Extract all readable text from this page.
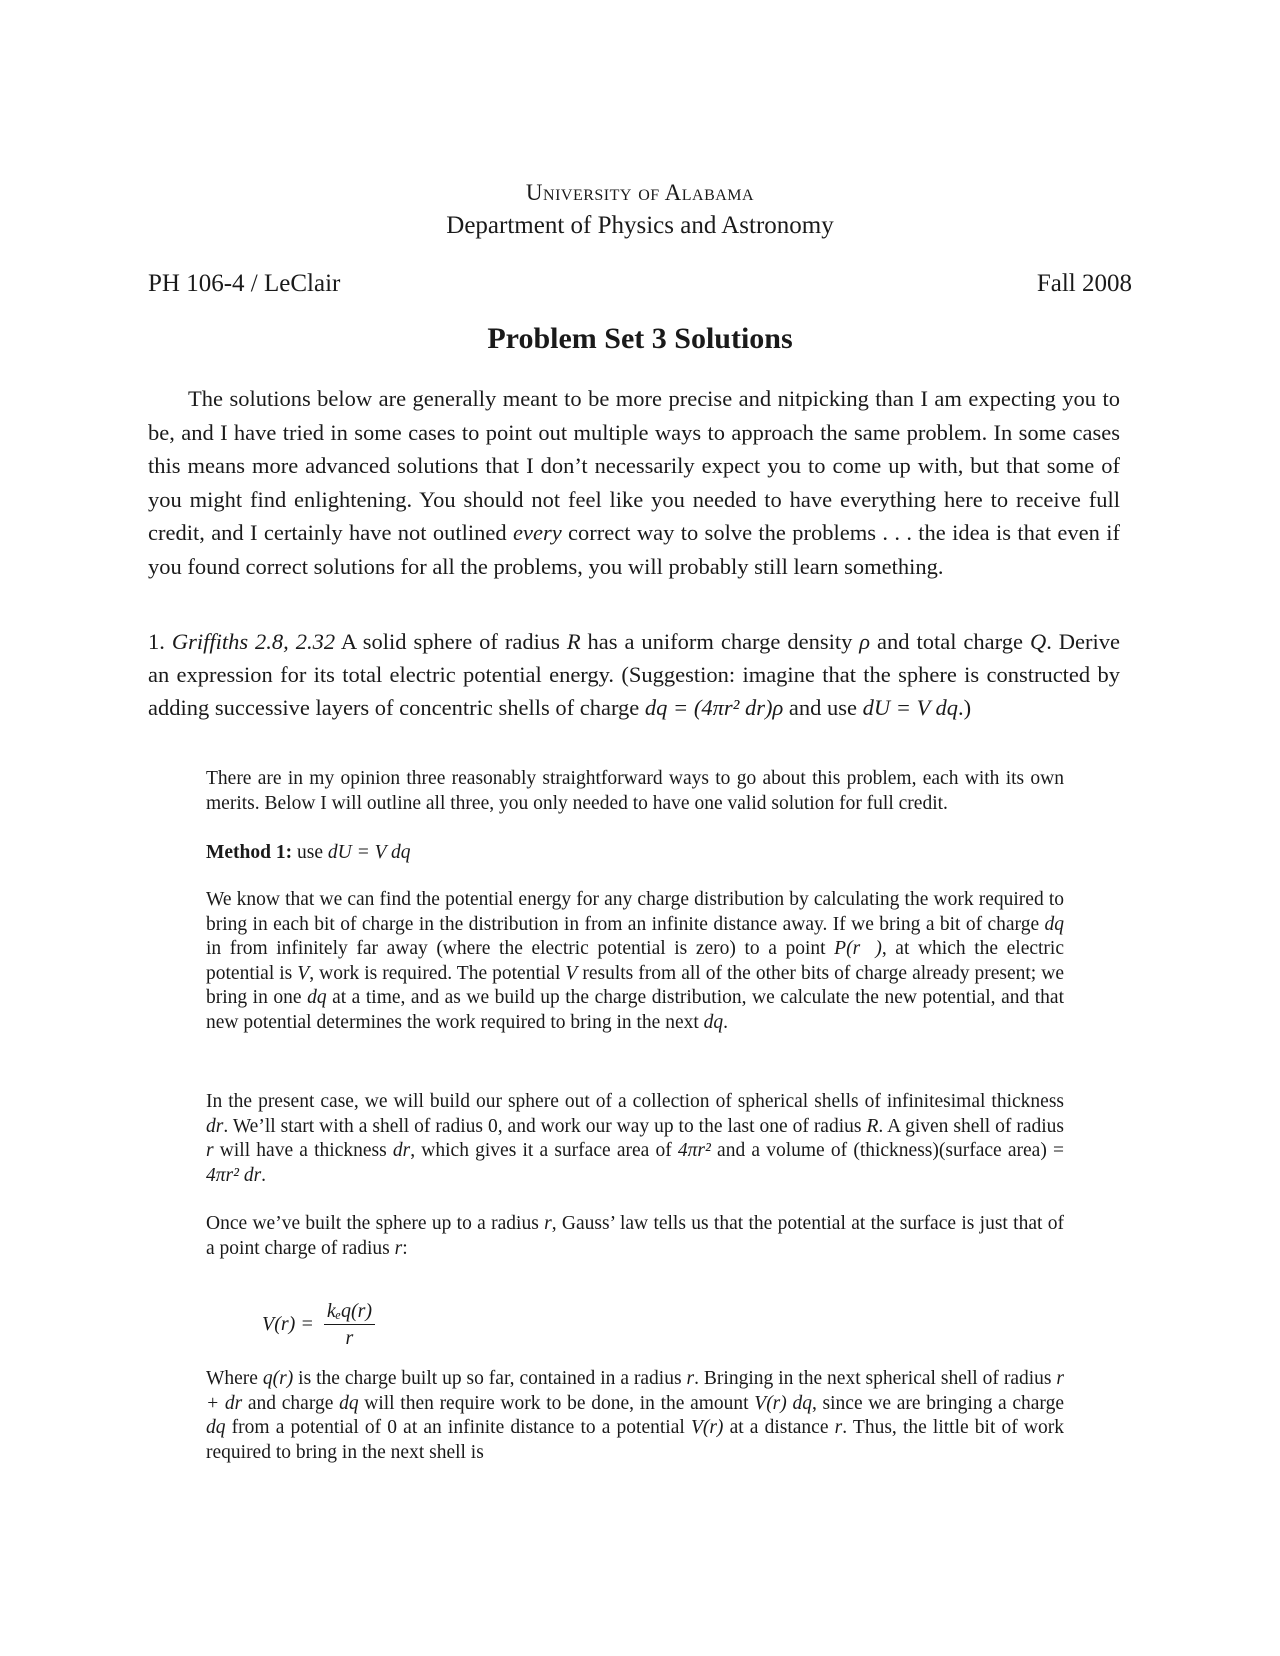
University of Alabama
Department of Physics and Astronomy
PH 106-4 / LeClair	Fall 2008
Problem Set 3 Solutions

The solutions below are generally meant to be more precise and nitpicking than I am expecting you to be, and I have tried in some cases to point out multiple ways to approach the same problem. In some cases this means more advanced solutions that I don’t necessarily expect you to come up with, but that some of you might find enlightening. You should not feel like you needed to have everything here to receive full credit, and I certainly have not outlined every correct way to solve the problems . . . the idea is that even if you found correct solutions for all the problems, you will probably still learn something.

1. Griffiths 2.8, 2.32 A solid sphere of radius R has a uniform charge density ρ and total charge Q. Derive an expression for its total electric potential energy. (Suggestion: imagine that the sphere is constructed by adding successive layers of concentric shells of charge dq = (4πr² dr)ρ and use dU = V dq.)

There are in my opinion three reasonably straightforward ways to go about this problem, each with its own merits. Below I will outline all three, you only needed to have one valid solution for full credit.

Method 1: use dU = V dq

We know that we can find the potential energy for any charge distribution by calculating the work required to bring in each bit of charge in the distribution in from an infinite distance away. If we bring a bit of charge dq in from infinitely far away (where the electric potential is zero) to a point P(r⃗), at which the electric potential is V, work is required. The potential V results from all of the other bits of charge already present; we bring in one dq at a time, and as we build up the charge distribution, we calculate the new potential, and that new potential determines the work required to bring in the next dq.

In the present case, we will build our sphere out of a collection of spherical shells of infinitesimal thickness dr. We’ll start with a shell of radius 0, and work our way up to the last one of radius R. A given shell of radius r will have a thickness dr, which gives it a surface area of 4πr² and a volume of (thickness)(surface area) = 4πr² dr.

Once we’ve built the sphere up to a radius r, Gauss’ law tells us that the potential at the surface is just that of a point charge of radius r:

$V(r) = \frac{\text{kₑq(r)}}{r}$

Where q(r) is the charge built up so far, contained in a radius r. Bringing in the next spherical shell of radius r + dr and charge dq will then require work to be done, in the amount V(r) dq, since we are bringing a charge dq from a potential of 0 at an infinite distance to a potential V(r) at a distance r. Thus, the little bit of work required to bring in the next shell is
